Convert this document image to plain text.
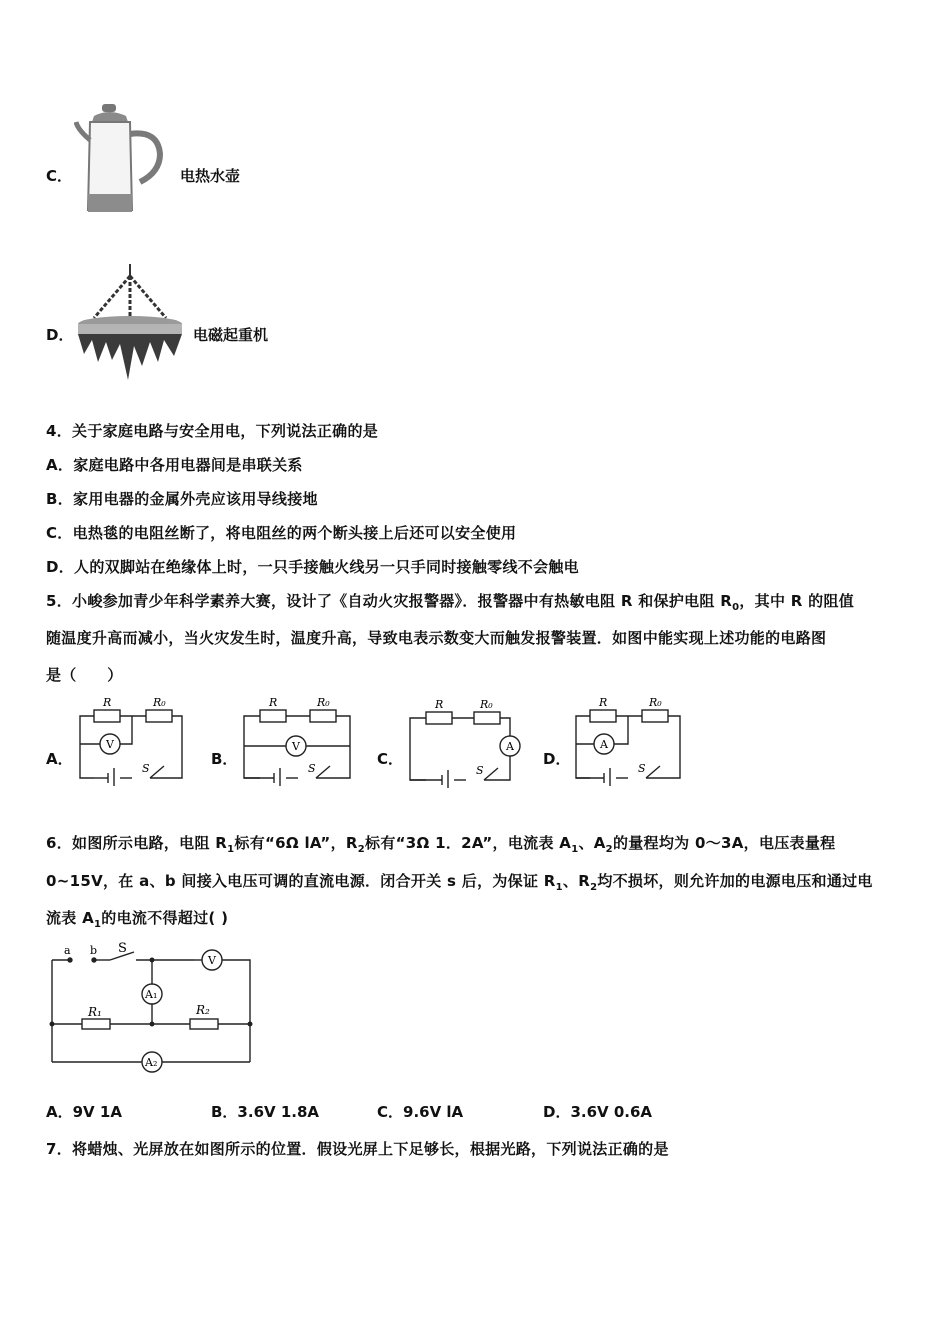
C．	电热水壶
D．	电磁起重机
4．关于家庭电路与安全用电，下列说法正确的是
A．家庭电路中各用电器间是串联关系
B．家用电器的金属外壳应该用导线接地
C．电热毯的电阻丝断了，将电阻丝的两个断头接上后还可以安全使用
D．人的双脚站在绝缘体上时，一只手接触火线另一只手同时接触零线不会触电
5．小峻参加青少年科学素养大赛，设计了《自动火灾报警器》．报警器中有热敏电阻 R 和保护电阻 $R_0$，其中 R 的阻值
随温度升高而减小，当火灾发生时，温度升高，导致电表示数变大而触发报警装置．如图中能实现上述功能的电路图
是（　　）
A．
R	R₀
V
S
B．
R	R₀
V
S
C．
R	R₀
A
S
D．
R	R₀
A
S
6．如图所示电路，电阻 $R_1$标有“6Ω lA”，$R_2$标有“3Ω 1．2A”，电流表 $A_1$、$A_2$的量程均为 0～3A，电压表量程
0~15V，在 a、b 间接入电压可调的直流电源．闭合开关 s 后，为保证 $R_1$、$R_2$均不损坏，则允许加的电源电压和通过电
流表 $A_1$的电流不得超过( )
a b S
V
A₁
A₂
R₁	R₂
A．9V 1A	B．3.6V 1.8A	C．9.6V lA	D．3.6V 0.6A
7．将蜡烛、光屏放在如图所示的位置．假设光屏上下足够长，根据光路，下列说法正确的是
